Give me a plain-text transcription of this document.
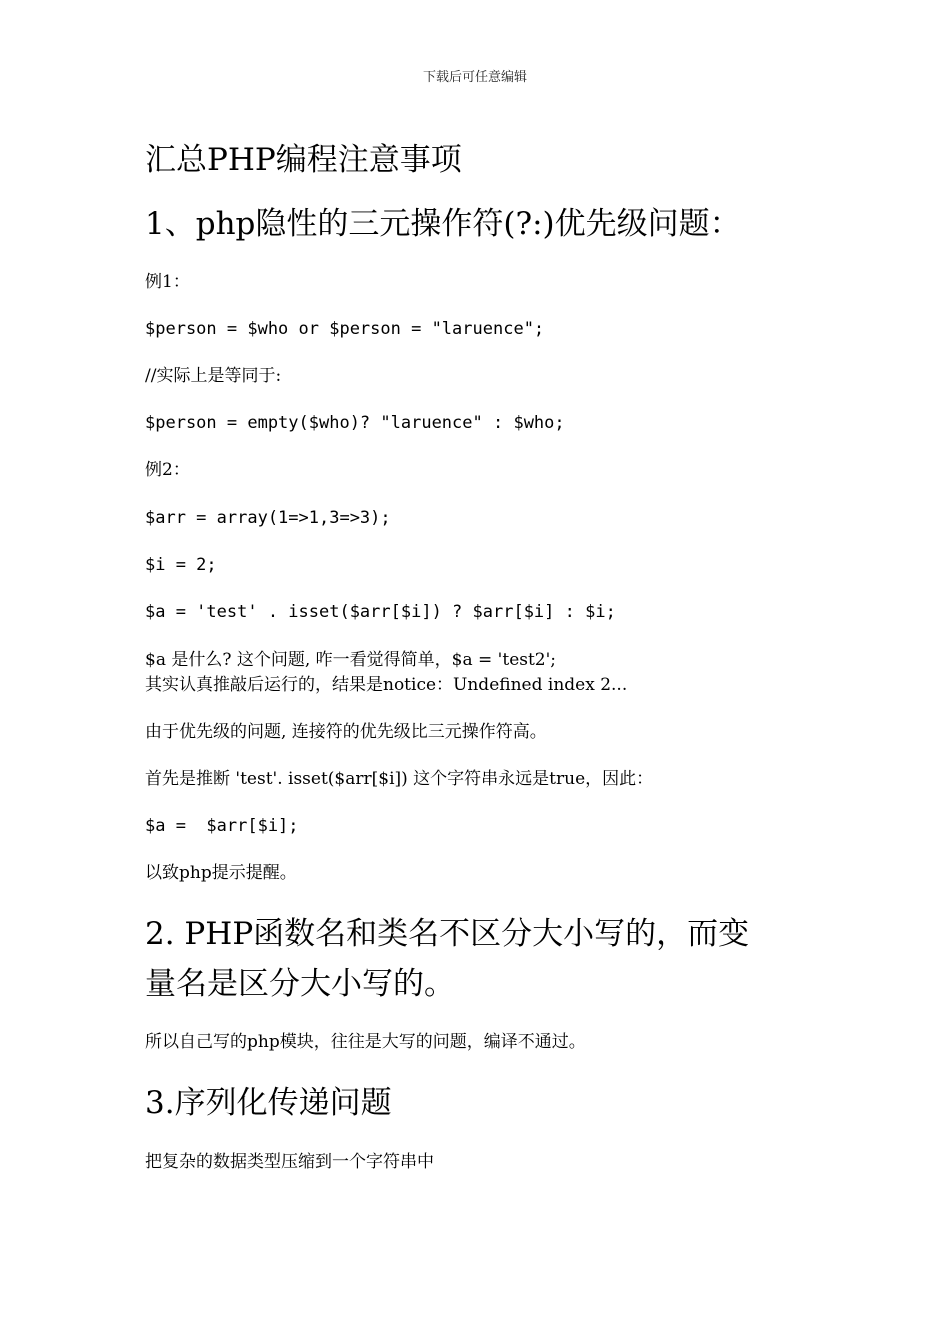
下载后可任意编辑
汇总PHP编程注意事项
1、php隐性的三元操作符(?:)优先级问题：
例1：
$person = $who or $person = "laruence";
//实际上是等同于:
$person = empty($who)? "laruence" : $who;
例2：
$arr = array(1=>1,3=>3);
$i = 2;
$a = 'test' . isset($arr[$i]) ? $arr[$i] : $i;
$a 是什么? 这个问题, 咋一看觉得简单，$a = 'test2';
其实认真推敲后运行的，结果是notice：Undefined index 2...
由于优先级的问题, 连接符的优先级比三元操作符高。
首先是推断 'test'. isset($arr[$i]) 这个字符串永远是true，因此：
$a =  $arr[$i];
以致php提示提醒。
2. PHP函数名和类名不区分大小写的，而变
量名是区分大小写的。
所以自己写的php模块，往往是大写的问题，编译不通过。
3.序列化传递问题
把复杂的数据类型压缩到一个字符串中
